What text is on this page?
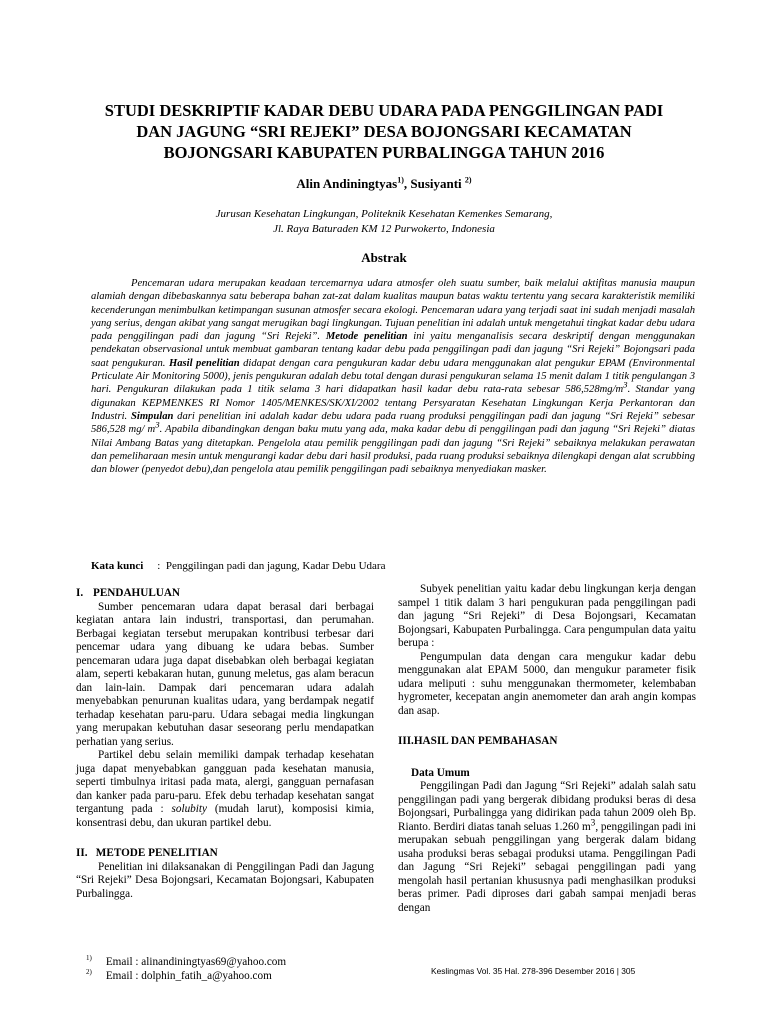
STUDI DESKRIPTIF KADAR DEBU UDARA PADA PENGGILINGAN PADI
DAN JAGUNG “SRI REJEKI” DESA BOJONGSARI KECAMATAN
BOJONGSARI KABUPATEN PURBALINGGA TAHUN 2016
Alin Andiningtyas$^{1)}$, Susiyanti $^{2)}$
Jurusan Kesehatan Lingkungan, Politeknik Kesehatan Kemenkes Semarang,
Jl. Raya Baturaden KM 12 Purwokerto, Indonesia
Abstrak

Pencemaran udara merupakan keadaan tercemarnya udara atmosfer oleh suatu sumber, baik melalui aktifitas manusia maupun alamiah dengan dibebaskannya satu beberapa bahan zat-zat dalam kualitas maupun batas waktu tertentu yang secara karakteristik memiliki kecenderungan menimbulkan ketimpangan susunan atmosfer secara ekologi. Pencemaran udara yang terjadi saat ini sudah menjadi masalah yang serius, dengan akibat yang sangat merugikan bagi lingkungan. Tujuan penelitian ini adalah untuk mengetahui tingkat kadar debu udara pada penggilingan padi dan jagung “Sri Rejeki”. Metode penelitian ini yaitu menganalisis secara deskriptif dengan menggunakan pendekatan observasional untuk membuat gambaran tentang kadar debu pada penggilingan padi dan jagung “Sri Rejeki” Bojongsari pada saat pengukuran. Hasil penelitian didapat dengan cara pengukuran kadar debu udara menggunakan alat pengukur EPAM (Environmental Prticulate Air Monitoring 5000), jenis pengukuran adalah debu total dengan durasi pengukuran selama 15 menit dalam 1 titik pengulangan 3 hari. Pengukuran dilakukan pada 1 titik selama 3 hari didapatkan hasil kadar debu rata-rata sebesar $586,528mg/m^3$. Standar yang digunakan KEPMENKES RI Nomor 1405/MENKES/SK/XI/2002 tentang Persyaratan Kesehatan Lingkungan Kerja Perkantoran dan Industri. Simpulan dari penelitian ini adalah kadar debu udara pada ruang produksi penggilingan padi dan jagung “Sri Rejeki” sebesar 586,528 mg/ $m^3$. Apabila dibandingkan dengan baku mutu yang ada, maka kadar debu di penggilingan padi dan jagung “Sri Rejeki” diatas Nilai Ambang Batas yang ditetapkan. Pengelola atau pemilik penggilingan padi dan jagung “Sri Rejeki” sebaiknya melakukan perawatan dan pemeliharaan mesin untuk mengurangi kadar debu dari hasil produksi, pada ruang produksi sebaiknya dilengkapi dengan alat scrubbing dan blower (penyedot debu),dan pengelola atau pemilik penggilingan padi sebaiknya menyediakan masker.

Kata kunci : Penggilingan padi dan jagung, Kadar Debu Udara
I. PENDAHULUAN

Sumber pencemaran udara dapat berasal dari berbagai kegiatan antara lain industri, transportasi, dan perumahan. Berbagai kegiatan tersebut merupakan kontribusi terbesar dari pencemar udara yang dibuang ke udara bebas. Sumber pencemaran udara juga dapat disebabkan oleh berbagai kegiatan alam, seperti kebakaran hutan, gunung meletus, gas alam beracun dan lain-lain. Dampak dari pencemaran udara adalah menyebabkan penurunan kualitas udara, yang berdampak negatif terhadap kesehatan paru-paru. Udara sebagai media lingkungan yang merupakan kebutuhan dasar seseorang perlu mendapatkan perhatian yang serius.

Partikel debu selain memiliki dampak terhadap kesehatan juga dapat menyebabkan gangguan pada kesehatan manusia, seperti timbulnya iritasi pada mata, alergi, gangguan pernafasan dan kanker pada paru-paru. Efek debu terhadap kesehatan sangat tergantung pada : solubity (mudah larut), komposisi kimia, konsentrasi debu, dan ukuran partikel debu.

II. METODE PENELITIAN

Penelitian ini dilaksanakan di Penggilingan Padi dan Jagung “Sri Rejeki” Desa Bojongsari, Kecamatan Bojongsari, Kabupaten Purbalingga.

Subyek penelitian yaitu kadar debu lingkungan kerja dengan sampel 1 titik dalam 3 hari pengukuran pada penggilingan padi dan jagung “Sri Rejeki” di Desa Bojongsari, Kecamatan Bojongsari, Kabupaten Purbalingga. Cara pengumpulan data yaitu berupa :

Pengumpulan data dengan cara mengukur kadar debu menggunakan alat EPAM 5000, dan mengukur parameter fisik udara meliputi : suhu menggunakan thermometer, kelembaban hygrometer, kecepatan angin anemometer dan arah angin kompas dan asap.

III.HASIL DAN PEMBAHASAN
Data Umum

Penggilingan Padi dan Jagung “Sri Rejeki” adalah salah satu penggilingan padi yang bergerak dibidang produksi beras di desa Bojongsari, Purbalingga yang didirikan pada tahun 2009 oleh Bp. Rianto. Berdiri diatas tanah seluas 1.260 $m^3$, penggilingan padi ini merupakan sebuah penggilingan yang bergerak dalam bidang usaha produksi beras sebagai produksi utama. Penggilingan Padi dan Jagung “Sri Rejeki” sebagai penggilingan padi yang mengolah hasil pertanian khususnya padi menghasilkan produksi beras primer. Padi diproses dari gabah sampai menjadi beras dengan

$^{1)}$ Email : alinandiningtyas69@yahoo.com
$^{2)}$ Email : dolphin_fatih_a@yahoo.com	Keslingmas Vol. 35 Hal. 278-396 Desember 2016 | 305
